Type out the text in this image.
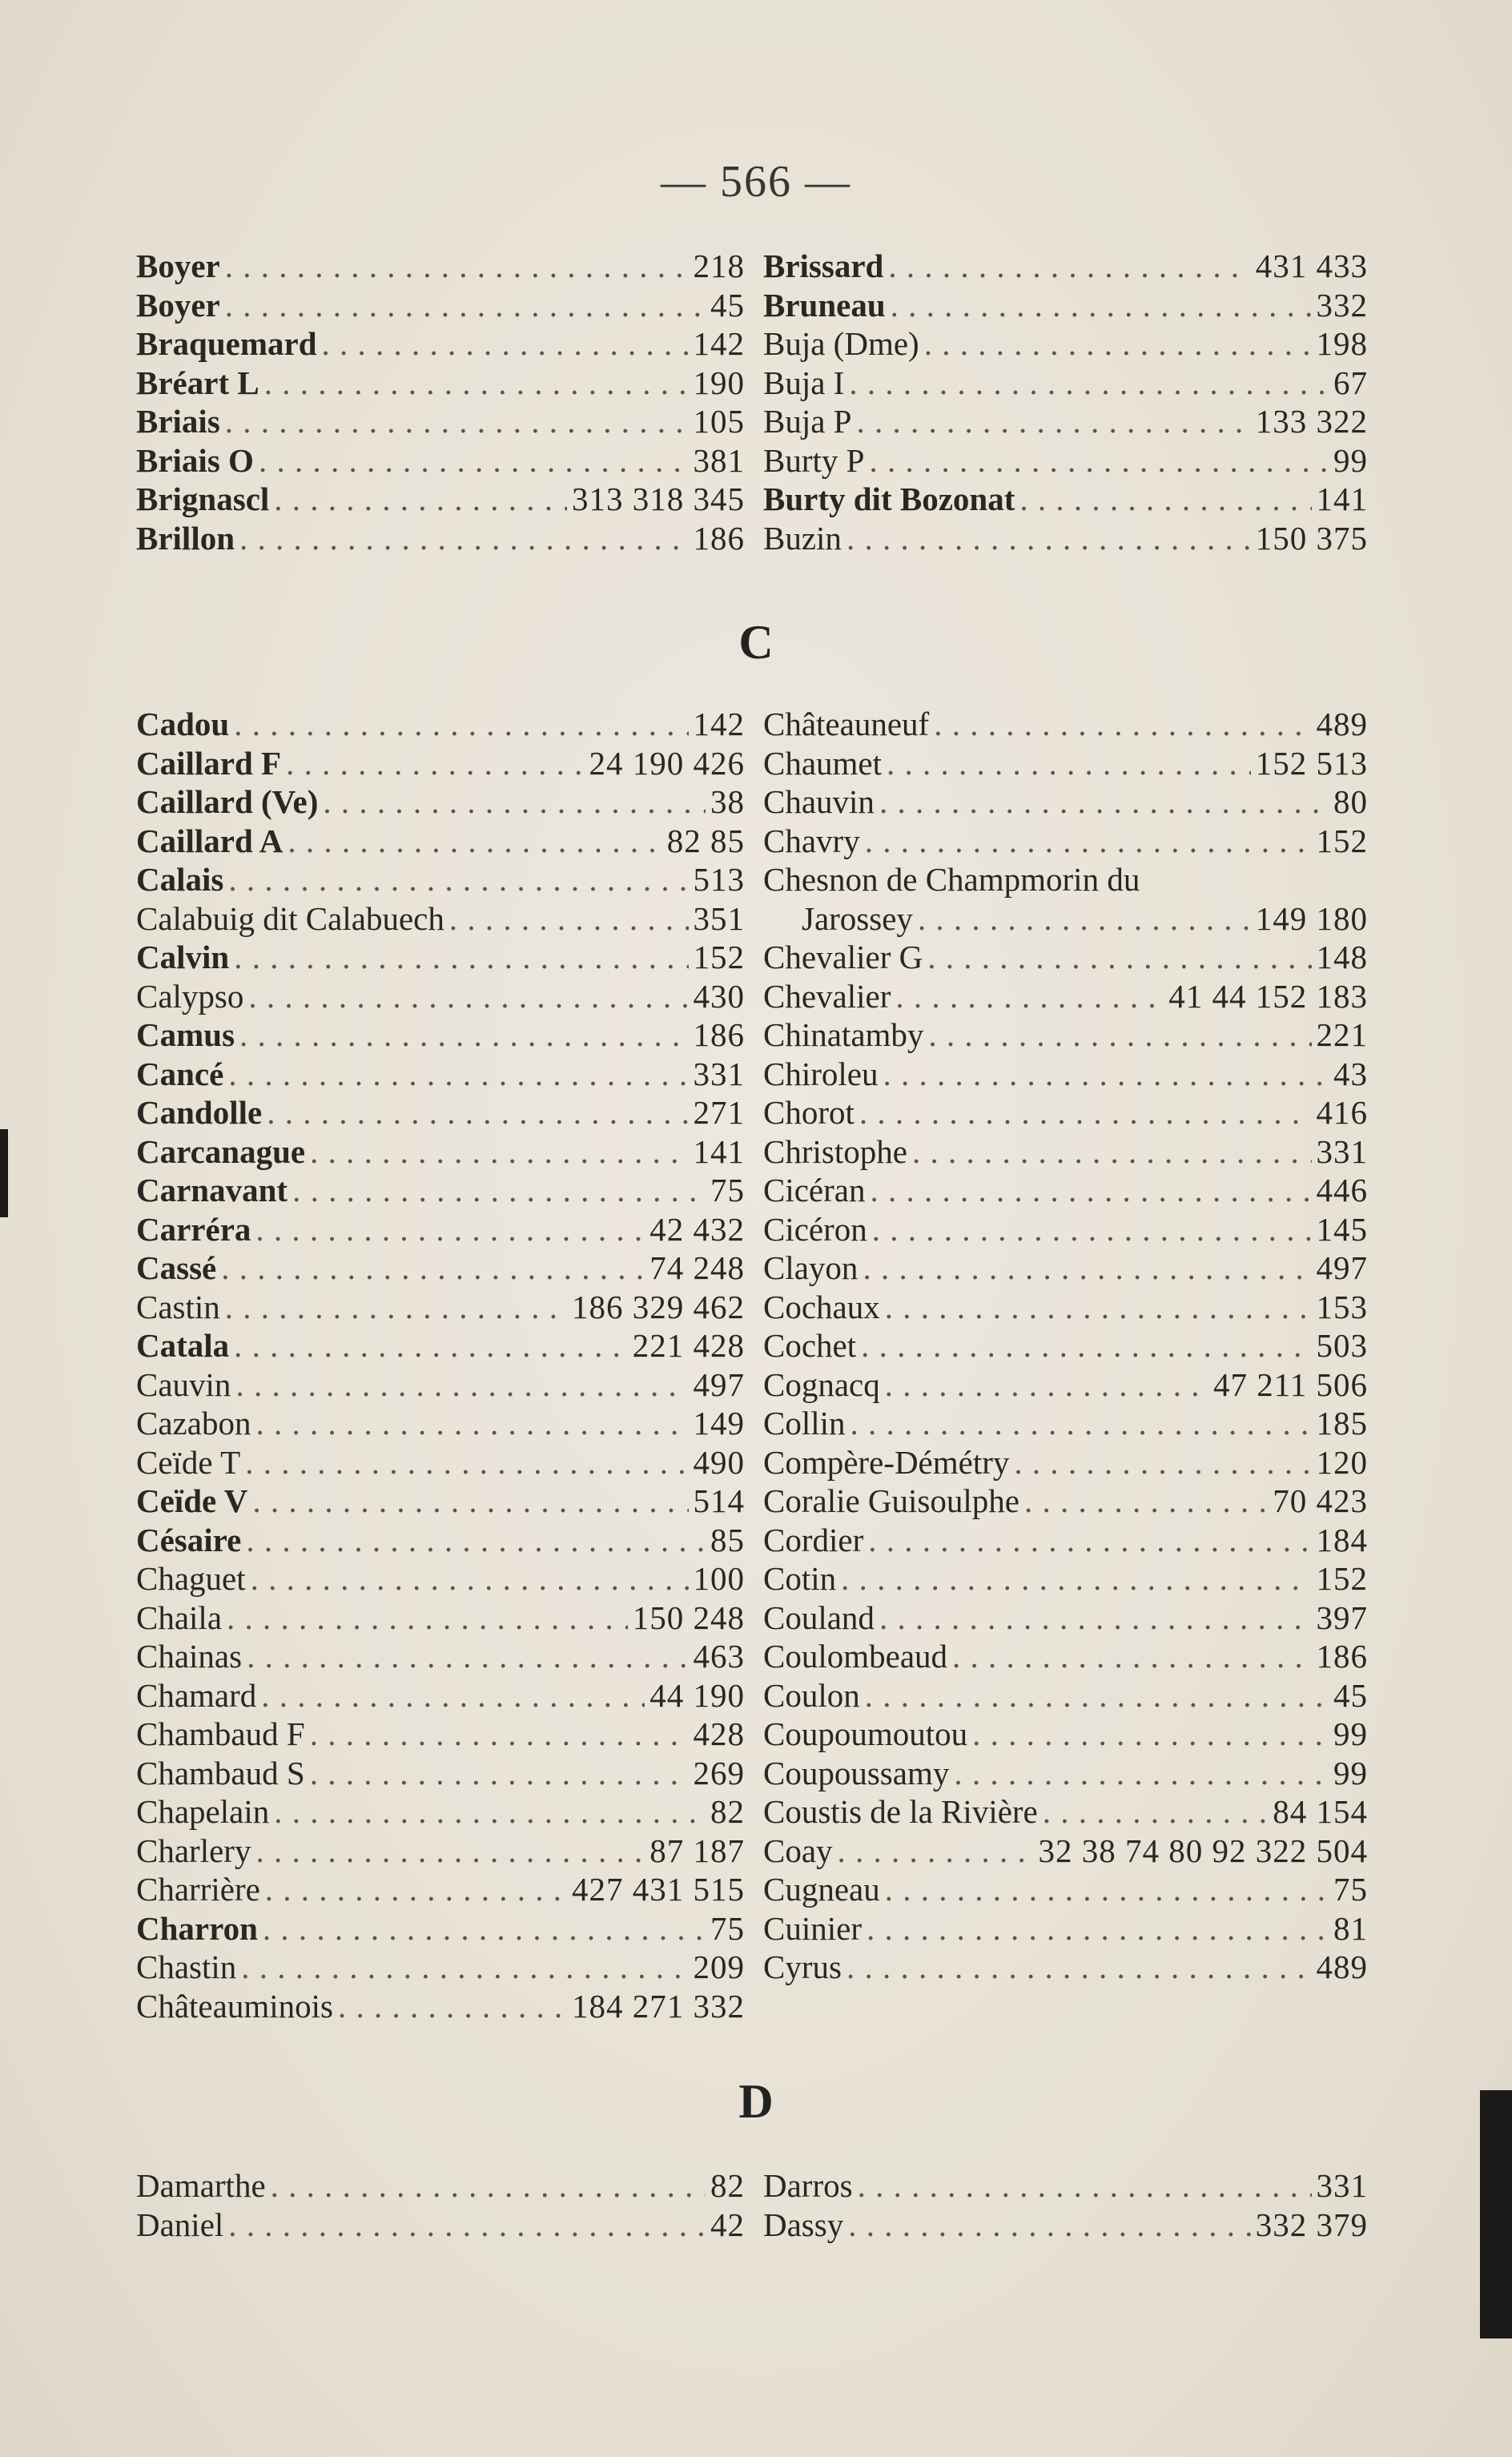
— 566 —
Boyer . . .	218
Boyer . . .	45
Braquemard . . .	142
Bréart L . . .	190
Briais . . .	105
Briais O . . .	381
Brignascl . . .	313 318 345
Brillon . . .	186
Brissard . . .	431 433
Bruneau . . .	332
Buja (Dme) . . .	198
Buja I . . .	67
Buja P . . .	133 322
Burty P . . .	99
Burty dit Bozonat . . .	141
Buzin . . .	150 375
C
Cadou . . .	142
Caillard F . . .	24 190 426
Caillard (Ve) . . .	38
Caillard A . . .	82 85
Calais . . .	513
Calabuig dit Calabuech . . .	351
Calvin . . .	152
Calypso . . .	430
Camus . . .	186
Cancé . . .	331
Candolle . . .	271
Carcanague . . .	141
Carnavant . . .	75
Carréra . . .	42 432
Cassé . . .	74 248
Castin . . .	186 329 462
Catala . . .	221 428
Cauvin . . .	497
Cazabon . . .	149
Ceïde T . . .	490
Ceïde V . . .	514
Césaire . . .	85
Chaguet . . .	100
Chaila . . .	150 248
Chainas . . .	463
Chamard . . .	44 190
Chambaud F . . .	428
Chambaud S . . .	269
Chapelain . . .	82
Charlery . . .	87 187
Charrière . . .	427 431 515
Charron . . .	75
Chastin . . .	209
Châteauminois . . .	184 271 332
Châteauneuf . . .	489
Chaumet . . .	152 513
Chauvin . . .	80
Chavry . . .	152
Chesnon de Champmorin du
Jarossey . . .	149 180
Chevalier G . . .	148
Chevalier . . .	41 44 152 183
Chinatamby . . .	221
Chiroleu . . .	43
Chorot . . .	416
Christophe . . .	331
Cicéran . . .	446
Cicéron . . .	145
Clayon . . .	497
Cochaux . . .	153
Cochet . . .	503
Cognacq . . .	47 211 506
Collin . . .	185
Compère-Démétry . . .	120
Coralie Guisoulphe . . .	70 423
Cordier . . .	184
Cotin . . .	152
Couland . . .	397
Coulombeaud . . .	186
Coulon . . .	45
Coupoumoutou . . .	99
Coupoussamy . . .	99
Coustis de la Rivière . . .	84 154
Coay . . .	32 38 74 80 92 322 504
Cugneau . . .	75
Cuinier . . .	81
Cyrus . . .	489
D
Damarthe . . .	82
Daniel . . .	42
Darros . . .	331
Dassy . . .	332 379
